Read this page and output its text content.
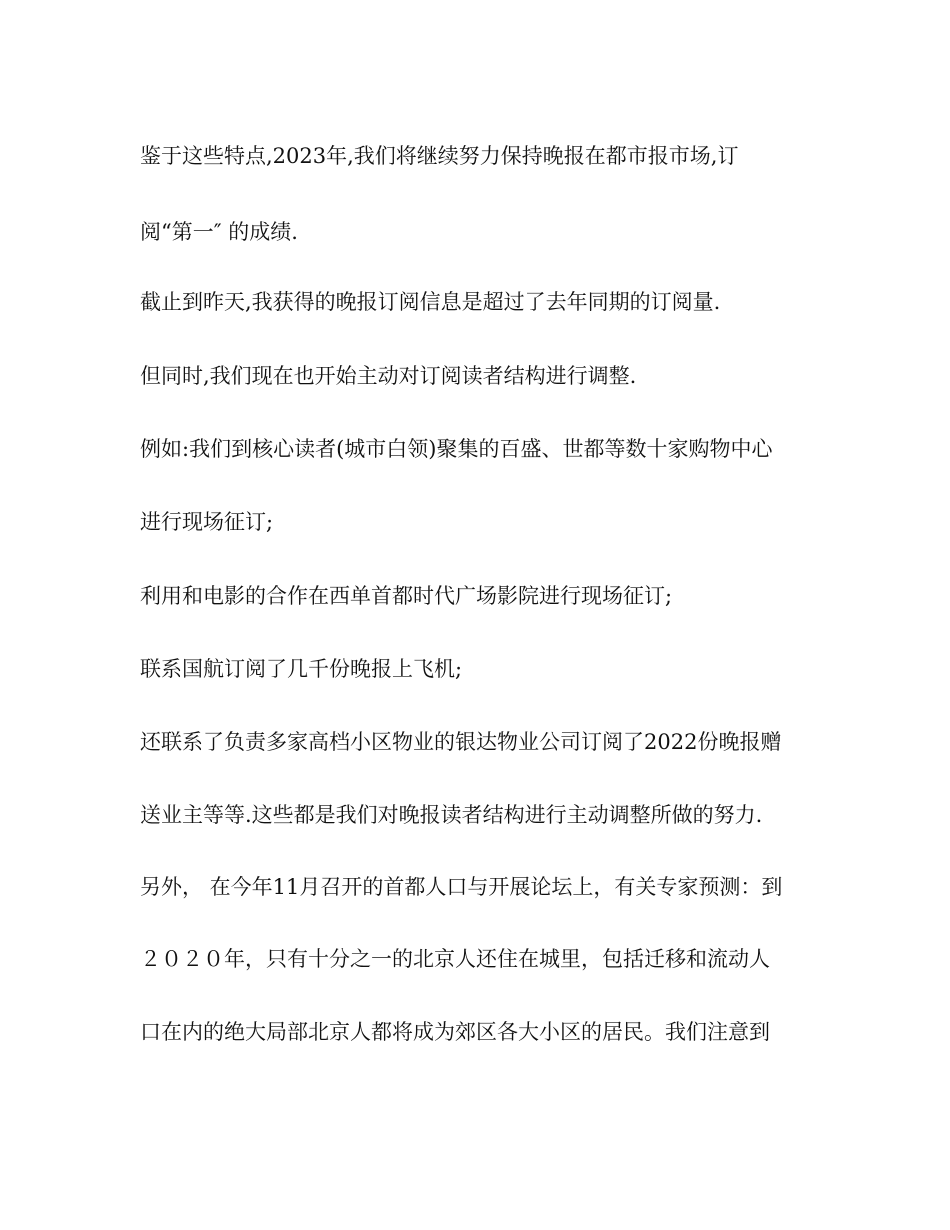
鉴于这些特点,2023年,我们将继续努力保持晚报在都市报市场,订
阅“第一″ 的成绩.
截止到昨天,我获得的晚报订阅信息是超过了去年同期的订阅量.
但同时,我们现在也开始主动对订阅读者结构进行调整.
例如:我们到核心读者(城市白领)聚集的百盛、世都等数十家购物中心
进行现场征订;
利用和电影的合作在西单首都时代广场影院进行现场征订;
联系国航订阅了几千份晚报上飞机;
还联系了负责多家高档小区物业的银达物业公司订阅了2022份晚报赠
送业主等等.这些都是我们对晚报读者结构进行主动调整所做的努力.
另外， 在今年11月召开的首都人口与开展论坛上，有关专家预测：到
２０２０年，只有十分之一的北京人还住在城里，包括迁移和流动人
口在内的绝大局部北京人都将成为郊区各大小区的居民。我们注意到
